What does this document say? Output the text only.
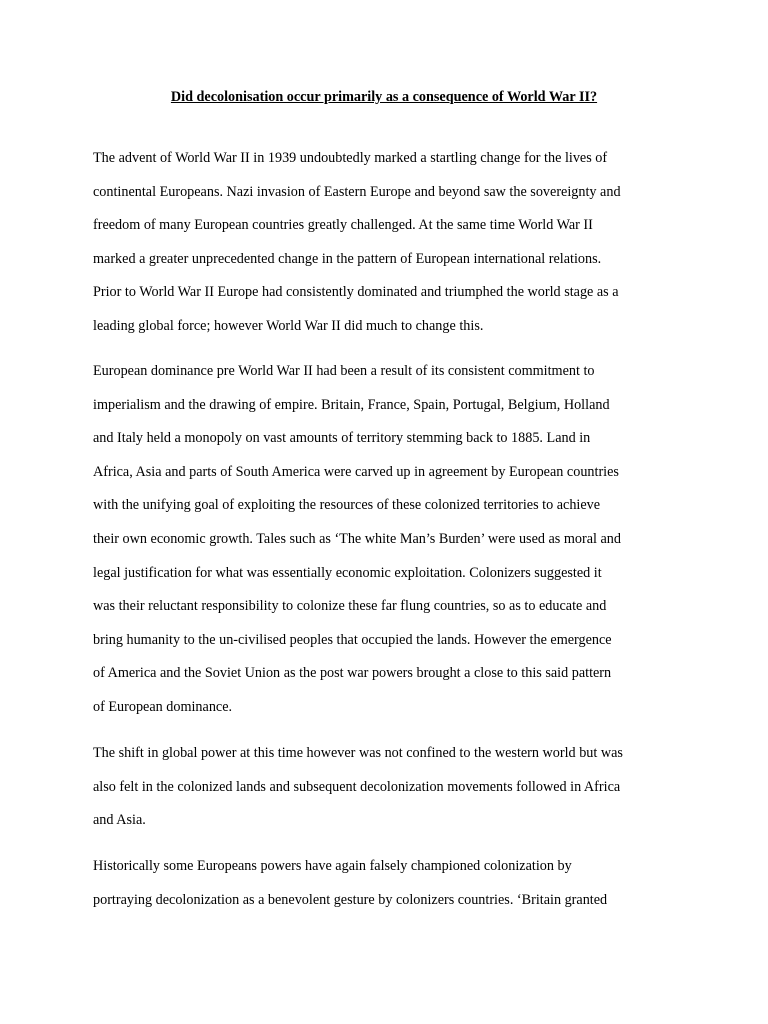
Did decolonisation occur primarily as a consequence of World War II?
The advent of World War II in 1939 undoubtedly marked a startling change for the lives of
continental Europeans. Nazi invasion of Eastern Europe and beyond saw the sovereignty and
freedom of many European countries greatly challenged. At the same time World War II
marked a greater unprecedented change in the pattern of European international relations.
Prior to World War II Europe had consistently dominated and triumphed the world stage as a
leading global force; however World War II did much to change this.
European dominance pre World War II had been a result of its consistent commitment to
imperialism and the drawing of empire. Britain, France, Spain, Portugal, Belgium, Holland
and Italy held a monopoly on vast amounts of territory stemming back to 1885. Land in
Africa, Asia and parts of South America were carved up in agreement by European countries
with the unifying goal of exploiting the resources of these colonized territories to achieve
their own economic growth. Tales such as ‘The white Man’s Burden’ were used as moral and
legal justification for what was essentially economic exploitation. Colonizers suggested it
was their reluctant responsibility to colonize these far flung countries, so as to educate and
bring humanity to the un-civilised peoples that occupied the lands. However the emergence
of America and the Soviet Union as the post war powers brought a close to this said pattern
of European dominance.
The shift in global power at this time however was not confined to the western world but was
also felt in the colonized lands and subsequent decolonization movements followed in Africa
and Asia.
Historically some Europeans powers have again falsely championed colonization by
portraying decolonization as a benevolent gesture by colonizers countries. ‘Britain granted
